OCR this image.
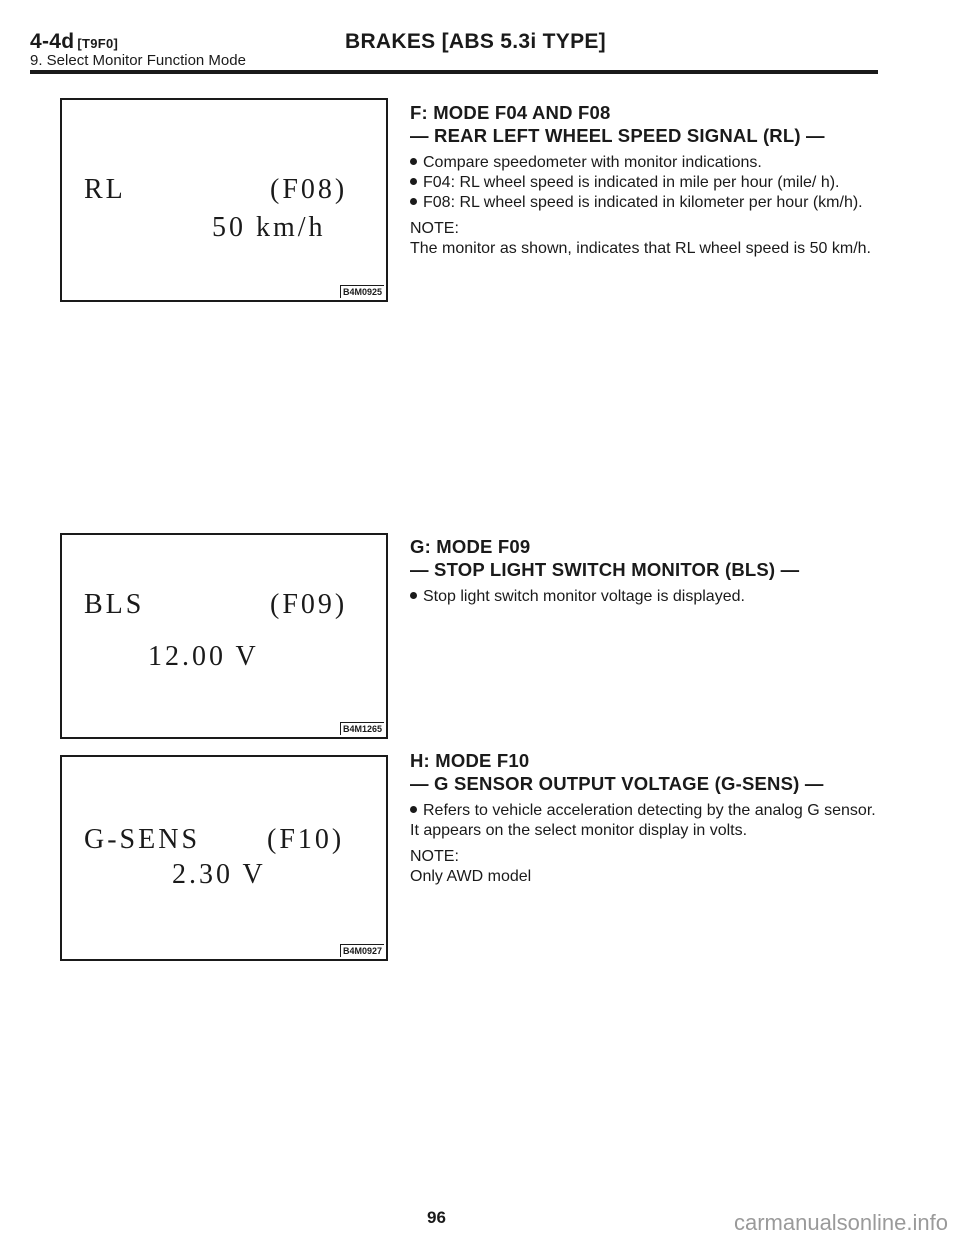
4-4d [T9F0]	BRAKES [ABS 5.3i TYPE]
9. Select Monitor Function Mode
RL	(F08)
50 km/h
B4M0925
BLS	(F09)
12.00 V
B4M1265
G-SENS (F10)
2.30 V
B4M0927

F: MODE F04 AND F08

— REAR LEFT WHEEL SPEED SIGNAL (RL) —

Compare speedometer with monitor indications.

F04: RL wheel speed is indicated in mile per hour (mile/ h).

F08: RL wheel speed is indicated in kilometer per hour (km/h).

NOTE:

The monitor as shown, indicates that RL wheel speed is 50 km/h.

G: MODE F09

— STOP LIGHT SWITCH MONITOR (BLS) —

Stop light switch monitor voltage is displayed.

H: MODE F10

— G SENSOR OUTPUT VOLTAGE (G-SENS) —

Refers to vehicle acceleration detecting by the analog G sensor. It appears on the select monitor display in volts.

NOTE:

Only AWD model

96	carmanualsonline.info
